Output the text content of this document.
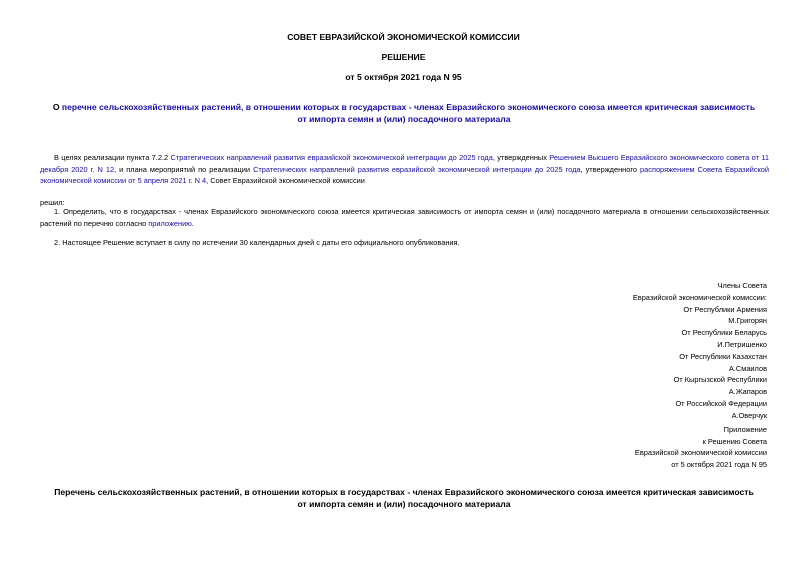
СОВЕТ ЕВРАЗИЙСКОЙ ЭКОНОМИЧЕСКОЙ КОМИССИИ
РЕШЕНИЕ
от 5 октября 2021 года N 95
О перечне сельскохозяйственных растений, в отношении которых в государствах - членах Евразийского экономического союза имеется критическая зависимость
от импорта семян и (или) посадочного материала
В целях реализации пункта 7.2.2 Стратегических направлений развития евразийской экономической интеграции до 2025 года, утвержденных Решением Высшего Евразийского экономического совета от 11 декабря 2020 г. N 12, и плана мероприятий по реализации Стратегических направлений развития евразийской экономической интеграции до 2025 года, утвержденного распоряжением Совета Евразийской экономической комиссии от 5 апреля 2021 г. N 4, Совет Евразийской экономической комиссии
решил:
1. Определить, что в государствах - членах Евразийского экономического союза имеется критическая зависимость от импорта семян и (или) посадочного материала в отношении сельскохозяйственных растений по перечню согласно приложению.
2. Настоящее Решение вступает в силу по истечении 30 календарных дней с даты его официального опубликования.
Члены Совета
Евразийской экономической комиссии:
От Республики Армения
М.Григорян
От Республики Беларусь
И.Петришенко
От Республики Казахстан
А.Смаилов
От Кыргызской Республики
А.Жапаров
От Российской Федерации
А.Оверчук
Приложение
к Решению Совета
Евразийской экономической комиссии
от 5 октября 2021 года N 95
Перечень сельскохозяйственных растений, в отношении которых в государствах - членах Евразийского экономического союза имеется критическая зависимость
от импорта семян и (или) посадочного материала
